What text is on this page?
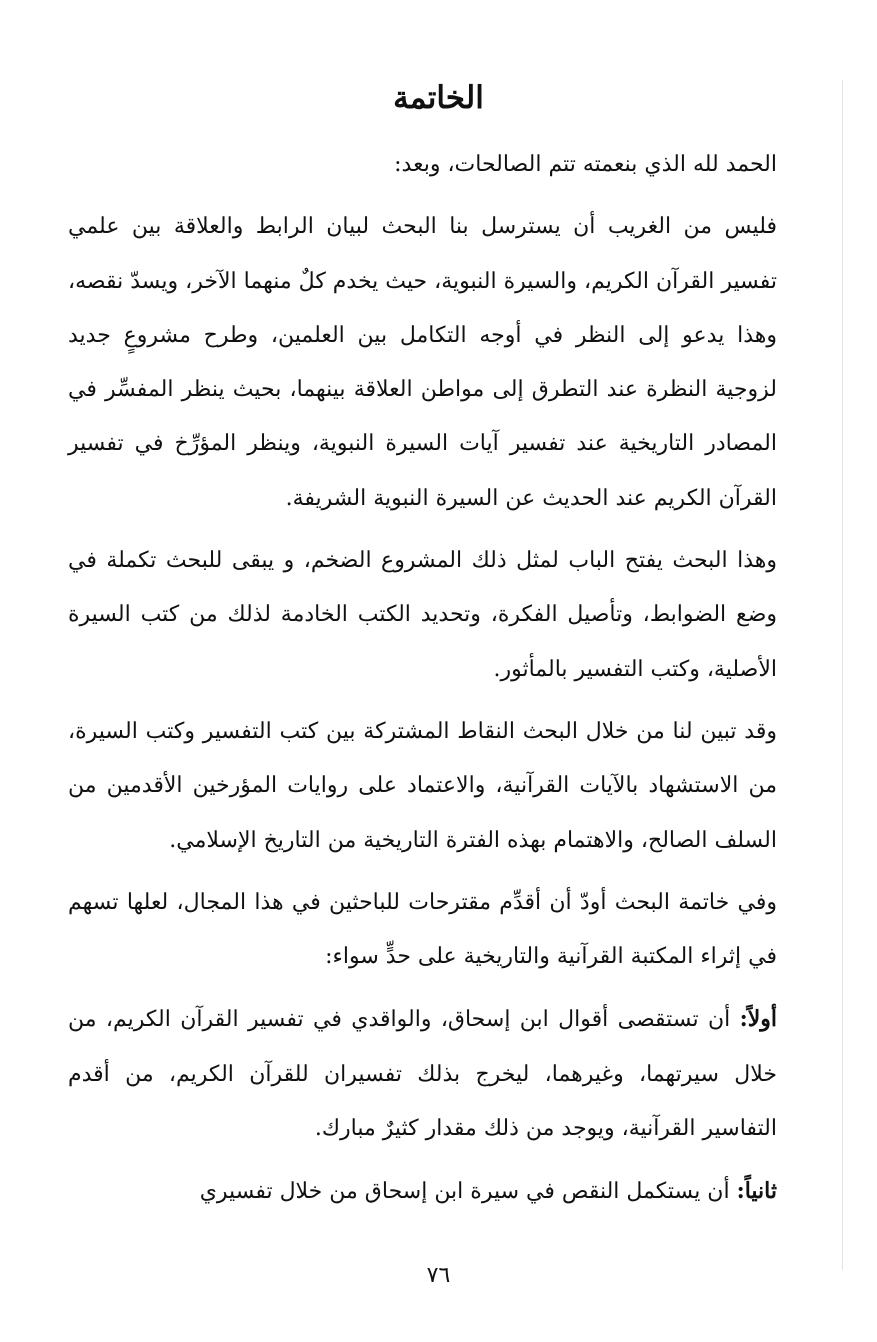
الخاتمة

الحمد لله الذي بنعمته تتم الصالحات، وبعد:

فليس من الغريب أن يسترسل بنا البحث لبيان الرابط والعلاقة بين علمي تفسير القرآن الكريم، والسيرة النبوية، حيث يخدم كلٌ منهما الآخر، ويسدّ نقصه، وهذا يدعو إلى النظر في أوجه التكامل بين العلمين، وطرح مشروعٍ جديد لزوجية النظرة عند التطرق إلى مواطن العلاقة بينهما، بحيث ينظر المفسِّر في المصادر التاريخية عند تفسير آيات السيرة النبوية، وينظر المؤرِّخ في تفسير القرآن الكريم عند الحديث عن السيرة النبوية الشريفة.

وهذا البحث يفتح الباب لمثل ذلك المشروع الضخم، و يبقى للبحث تكملة في وضع الضوابط، وتأصيل الفكرة، وتحديد الكتب الخادمة لذلك من كتب السيرة الأصلية، وكتب التفسير بالمأثور.

وقد تبين لنا من خلال البحث النقاط المشتركة بين كتب التفسير وكتب السيرة، من الاستشهاد بالآيات القرآنية، والاعتماد على روايات المؤرخين الأقدمين من السلف الصالح، والاهتمام بهذه الفترة التاريخية من التاريخ الإسلامي.

وفي خاتمة البحث أودّ أن أقدِّم مقترحات للباحثين في هذا المجال، لعلها تسهم في إثراء المكتبة القرآنية والتاريخية على حدٍّ سواء:

أولاً: أن تستقصى أقوال ابن إسحاق، والواقدي في تفسير القرآن الكريم، من خلال سيرتهما، وغيرهما، ليخرج بذلك تفسيران للقرآن الكريم، من أقدم التفاسير القرآنية، ويوجد من ذلك مقدار كثيرٌ مبارك.

ثانياً: أن يستكمل النقص في سيرة ابن إسحاق من خلال تفسيري

٧٦
